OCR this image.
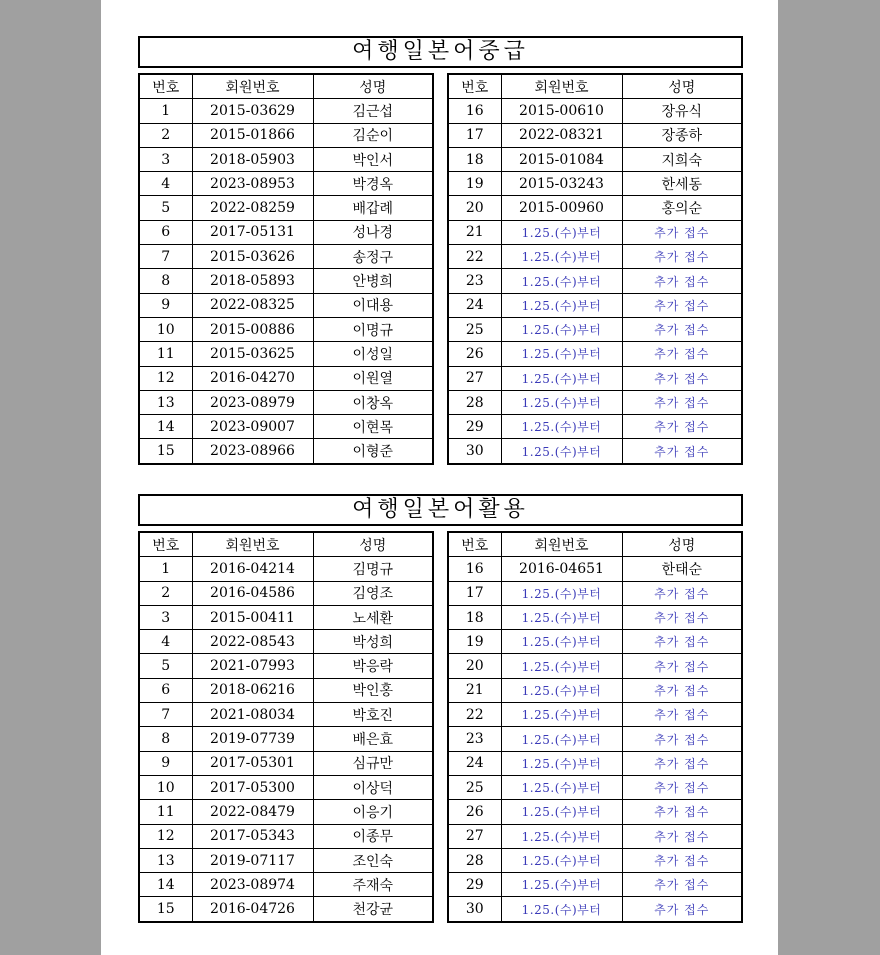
여행일본어중급
번호	회원번호	성명
1	2015-03629	김근섭
2	2015-01866	김순이
3	2018-05903	박인서
4	2023-08953	박경옥
5	2022-08259	배갑례
6	2017-05131	성나경
7	2015-03626	송정구
8	2018-05893	안병희
9	2022-08325	이대용
10	2015-00886	이명규
11	2015-03625	이성일
12	2016-04270	이원열
13	2023-08979	이창옥
14	2023-09007	이현목
15	2023-08966	이형준
번호	회원번호	성명
16	2015-00610	장유식
17	2022-08321	장종하
18	2015-01084	지희숙
19	2015-03243	한세동
20	2015-00960	홍의순
21	1.25.(수)부터	추가 접수
22	1.25.(수)부터	추가 접수
23	1.25.(수)부터	추가 접수
24	1.25.(수)부터	추가 접수
25	1.25.(수)부터	추가 접수
26	1.25.(수)부터	추가 접수
27	1.25.(수)부터	추가 접수
28	1.25.(수)부터	추가 접수
29	1.25.(수)부터	추가 접수
30	1.25.(수)부터	추가 접수
여행일본어활용
번호	회원번호	성명
1	2016-04214	김명규
2	2016-04586	김영조
3	2015-00411	노세환
4	2022-08543	박성희
5	2021-07993	박응락
6	2018-06216	박인홍
7	2021-08034	박호진
8	2019-07739	배은효
9	2017-05301	심규만
10	2017-05300	이상덕
11	2022-08479	이응기
12	2017-05343	이종무
13	2019-07117	조인숙
14	2023-08974	주재숙
15	2016-04726	천강균
번호	회원번호	성명
16	2016-04651	한태순
17	1.25.(수)부터	추가 접수
18	1.25.(수)부터	추가 접수
19	1.25.(수)부터	추가 접수
20	1.25.(수)부터	추가 접수
21	1.25.(수)부터	추가 접수
22	1.25.(수)부터	추가 접수
23	1.25.(수)부터	추가 접수
24	1.25.(수)부터	추가 접수
25	1.25.(수)부터	추가 접수
26	1.25.(수)부터	추가 접수
27	1.25.(수)부터	추가 접수
28	1.25.(수)부터	추가 접수
29	1.25.(수)부터	추가 접수
30	1.25.(수)부터	추가 접수
